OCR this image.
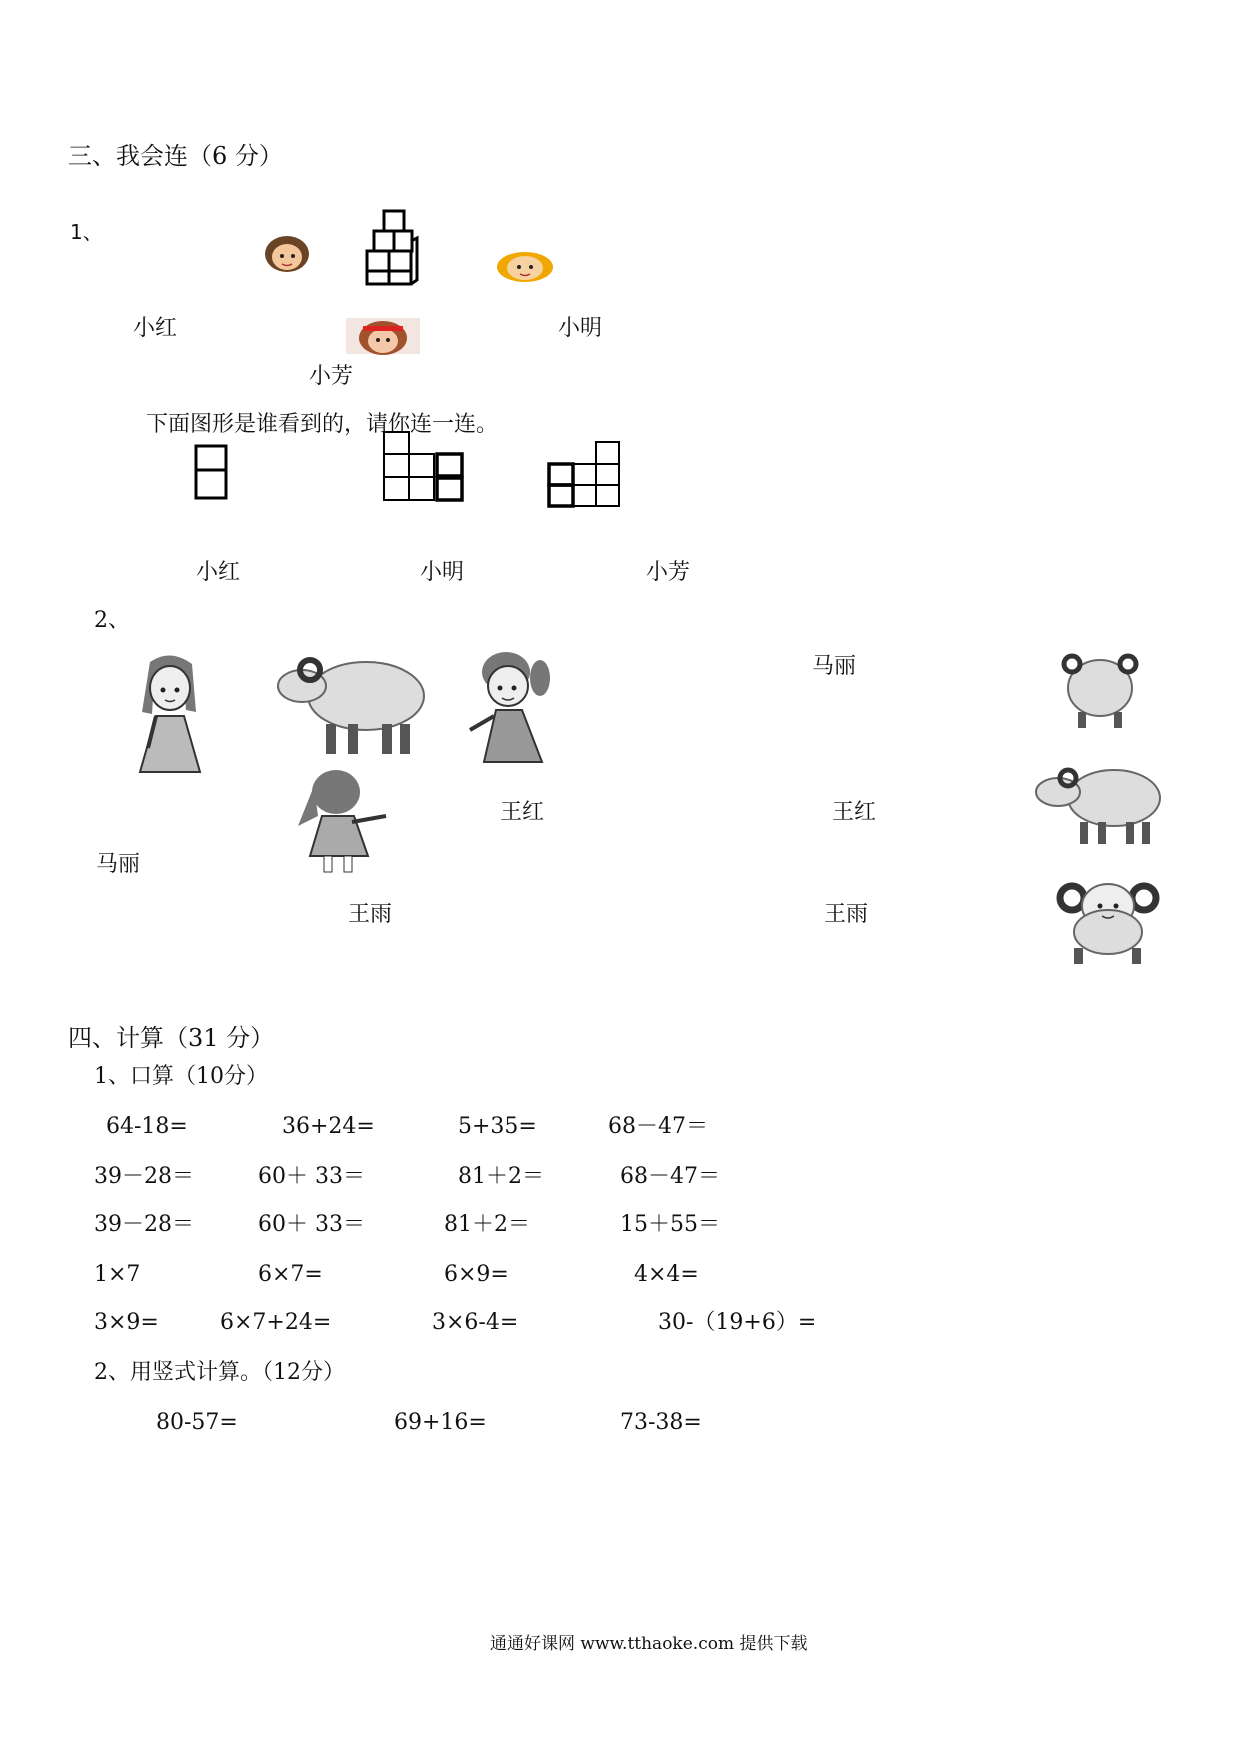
三、我会连（6 分）
1、
小红	小明
小芳
下面图形是谁看到的，请你连一连。
小红	小明	小芳
2、
马丽
王红	王红
马丽
王雨	王雨
四、计算（31 分）
1、口算（10分）
64-18=	36+24=	5+35=	68－47＝
39－28＝	60＋ 33＝	81＋2＝	68－47＝
39－28＝	60＋ 33＝	81＋2＝	15＋55＝
1×7	6×7=	6×9=	4×4=
3×9=	6×7+24=	3×6-4=	30-（19+6）=
2、用竖式计算。（12分）
80-57=	69+16=	73-38=
通通好课网 www.tthaoke.com 提供下载
